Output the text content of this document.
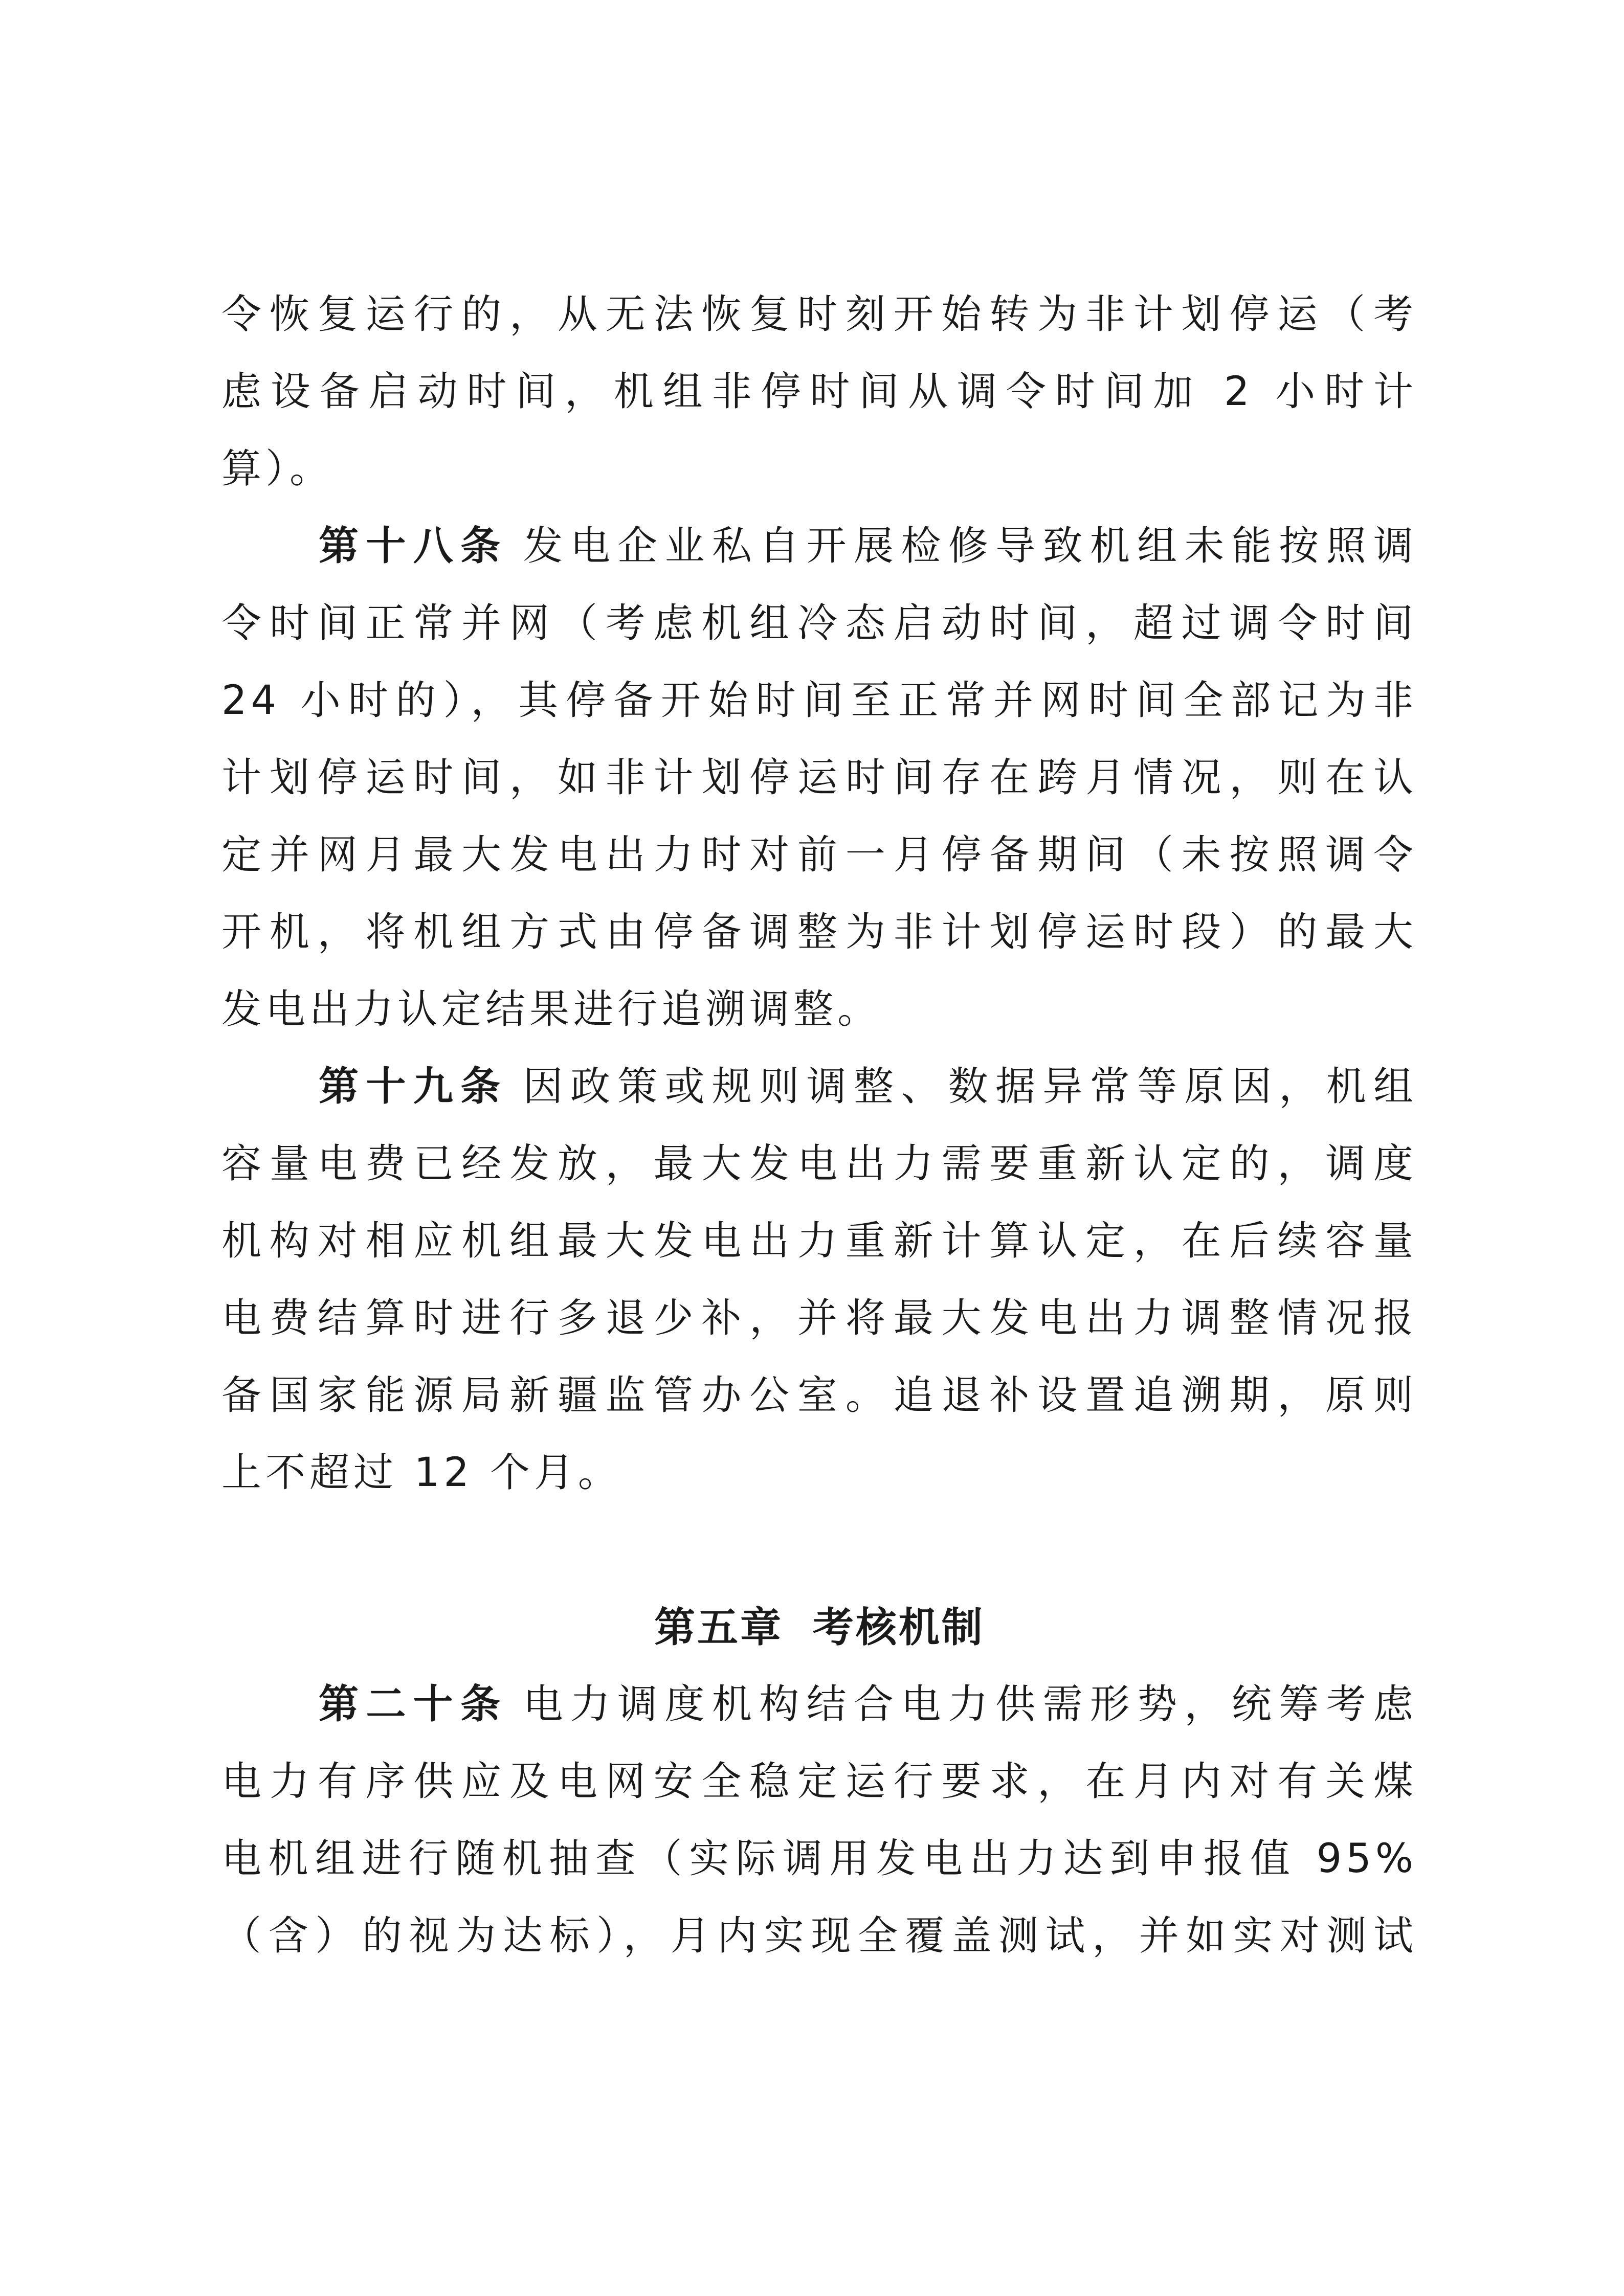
令恢复运行的，从无法恢复时刻开始转为非计划停运（考
虑设备启动时间，机组非停时间从调令时间加 2 小时计
算）。
第十八条 发电企业私自开展检修导致机组未能按照调
令时间正常并网（考虑机组冷态启动时间，超过调令时间
24 小时的），其停备开始时间至正常并网时间全部记为非
计划停运时间，如非计划停运时间存在跨月情况，则在认
定并网月最大发电出力时对前一月停备期间（未按照调令
开机，将机组方式由停备调整为非计划停运时段）的最大
发电出力认定结果进行追溯调整。
第十九条 因政策或规则调整、数据异常等原因，机组
容量电费已经发放，最大发电出力需要重新认定的，调度
机构对相应机组最大发电出力重新计算认定，在后续容量
电费结算时进行多退少补，并将最大发电出力调整情况报
备国家能源局新疆监管办公室。追退补设置追溯期，原则
上不超过 12 个月。
第五章 考核机制
第二十条 电力调度机构结合电力供需形势，统筹考虑
电力有序供应及电网安全稳定运行要求，在月内对有关煤
电机组进行随机抽查（实际调用发电出力达到申报值 95%
（含）的视为达标），月内实现全覆盖测试，并如实对测试
